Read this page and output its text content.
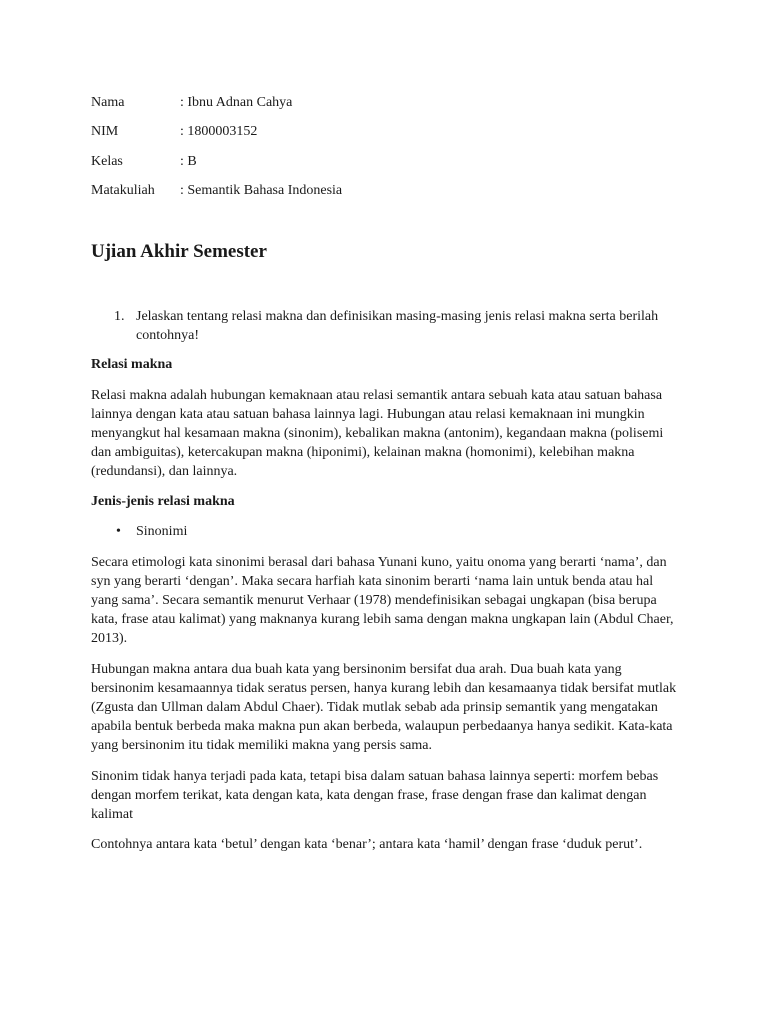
Nama	: Ibnu Adnan Cahya
NIM	: 1800003152
Kelas	: B
Matakuliah : Semantik Bahasa Indonesia
Ujian Akhir Semester
1. Jelaskan tentang relasi makna dan definisikan masing-masing jenis relasi makna serta berilah contohnya!
Relasi makna

Relasi makna adalah hubungan kemaknaan atau relasi semantik antara sebuah kata atau satuan bahasa lainnya dengan kata atau satuan bahasa lainnya lagi. Hubungan atau relasi kemaknaan ini mungkin menyangkut hal kesamaan makna (sinonim), kebalikan makna (antonim), kegandaan makna (polisemi dan ambiguitas), ketercakupan makna (hiponimi), kelainan makna (homonimi), kelebihan makna (redundansi), dan lainnya.

Jenis-jenis relasi makna
• Sinonimi

Secara etimologi kata sinonimi berasal dari bahasa Yunani kuno, yaitu onoma yang berarti ‘nama’, dan syn yang berarti ‘dengan’. Maka secara harfiah kata sinonim berarti ‘nama lain untuk benda atau hal yang sama’. Secara semantik menurut Verhaar (1978) mendefinisikan sebagai ungkapan (bisa berupa kata, frase atau kalimat) yang maknanya kurang lebih sama dengan makna ungkapan lain (Abdul Chaer, 2013).

Hubungan makna antara dua buah kata yang bersinonim bersifat dua arah. Dua buah kata yang bersinonim kesamaannya tidak seratus persen, hanya kurang lebih dan kesamaanya tidak bersifat mutlak (Zgusta dan Ullman dalam Abdul Chaer). Tidak mutlak sebab ada prinsip semantik yang mengatakan apabila bentuk berbeda maka makna pun akan berbeda, walaupun perbedaanya hanya sedikit. Kata-kata yang bersinonim itu tidak memiliki makna yang persis sama.

Sinonim tidak hanya terjadi pada kata, tetapi bisa dalam satuan bahasa lainnya seperti: morfem bebas dengan morfem terikat, kata dengan kata, kata dengan frase, frase dengan frase dan kalimat dengan kalimat

Contohnya antara kata ‘betul’ dengan kata ‘benar’; antara kata ‘hamil’ dengan frase ‘duduk perut’.
